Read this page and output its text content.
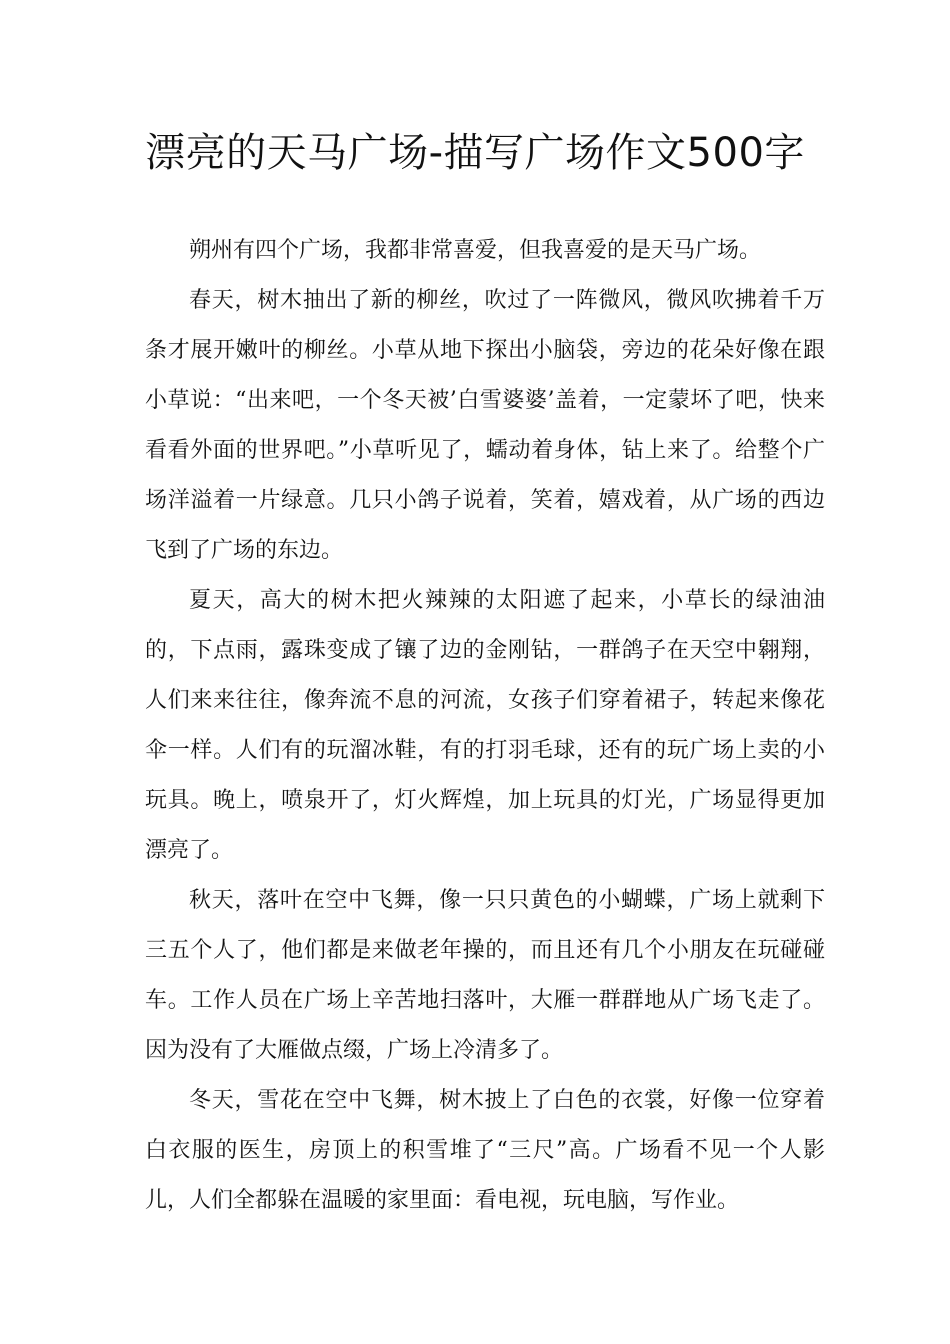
漂亮的天马广场-描写广场作文500字

朔州有四个广场，我都非常喜爱，但我喜爱的是天马广场。

春天，树木抽出了新的柳丝，吹过了一阵微风，微风吹拂着千万条才展开嫩叶的柳丝。小草从地下探出小脑袋，旁边的花朵好像在跟小草说：“出来吧，一个冬天被’白雪婆婆’盖着，一定蒙坏了吧，快来看看外面的世界吧。”小草听见了，蠕动着身体，钻上来了。给整个广场洋溢着一片绿意。几只小鸽子说着，笑着，嬉戏着，从广场的西边飞到了广场的东边。

夏天，高大的树木把火辣辣的太阳遮了起来，小草长的绿油油的，下点雨，露珠变成了镶了边的金刚钻，一群鸽子在天空中翱翔，人们来来往往，像奔流不息的河流，女孩子们穿着裙子，转起来像花伞一样。人们有的玩溜冰鞋，有的打羽毛球，还有的玩广场上卖的小玩具。晚上，喷泉开了，灯火辉煌，加上玩具的灯光，广场显得更加漂亮了。

秋天，落叶在空中飞舞，像一只只黄色的小蝴蝶，广场上就剩下三五个人了，他们都是来做老年操的，而且还有几个小朋友在玩碰碰车。工作人员在广场上辛苦地扫落叶，大雁一群群地从广场飞走了。因为没有了大雁做点缀，广场上冷清多了。

冬天，雪花在空中飞舞，树木披上了白色的衣裳，好像一位穿着白衣服的医生，房顶上的积雪堆了“三尺”高。广场看不见一个人影儿，人们全都躲在温暖的家里面：看电视，玩电脑，写作业。
